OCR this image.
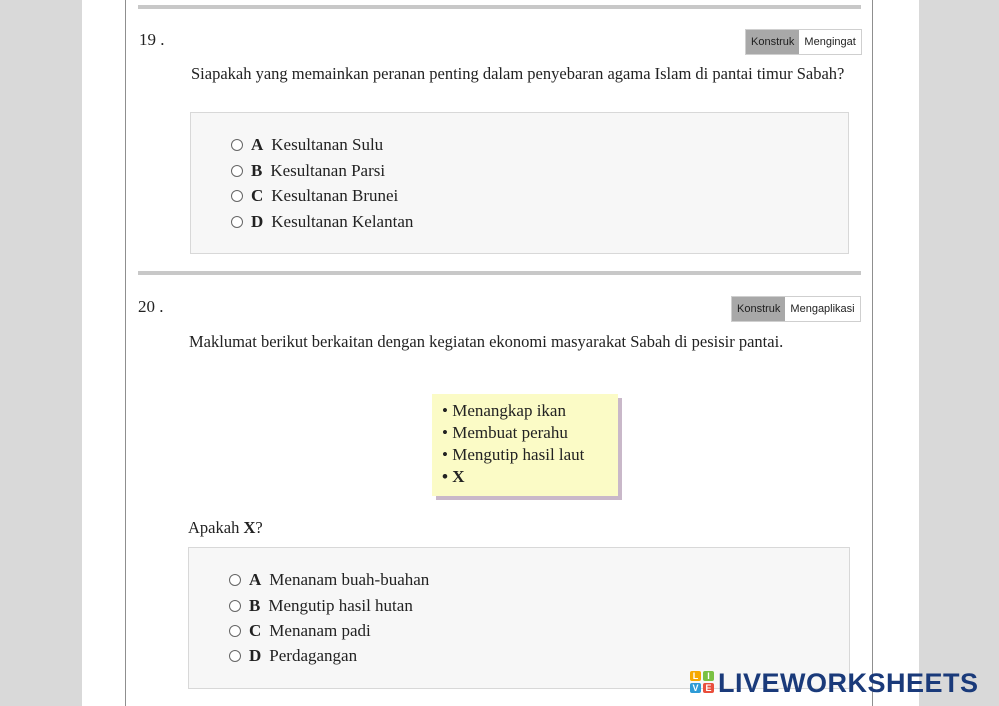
19 .	Konstruk Mengingat
Siapakah yang memainkan peranan penting dalam penyebaran agama Islam di pantai timur Sabah?
A Kesultanan Sulu
B Kesultanan Parsi
C Kesultanan Brunei
D Kesultanan Kelantan
20 .	Konstruk Mengaplikasi
Maklumat berikut berkaitan dengan kegiatan ekonomi masyarakat Sabah di pesisir pantai.
• Menangkap ikan
• Membuat perahu
• Mengutip hasil laut
• X
Apakah X?
A Menanam buah-buahan
B Mengutip hasil hutan
C Menanam padi
D Perdagangan
L I
V E LIVEWORKSHEETS
